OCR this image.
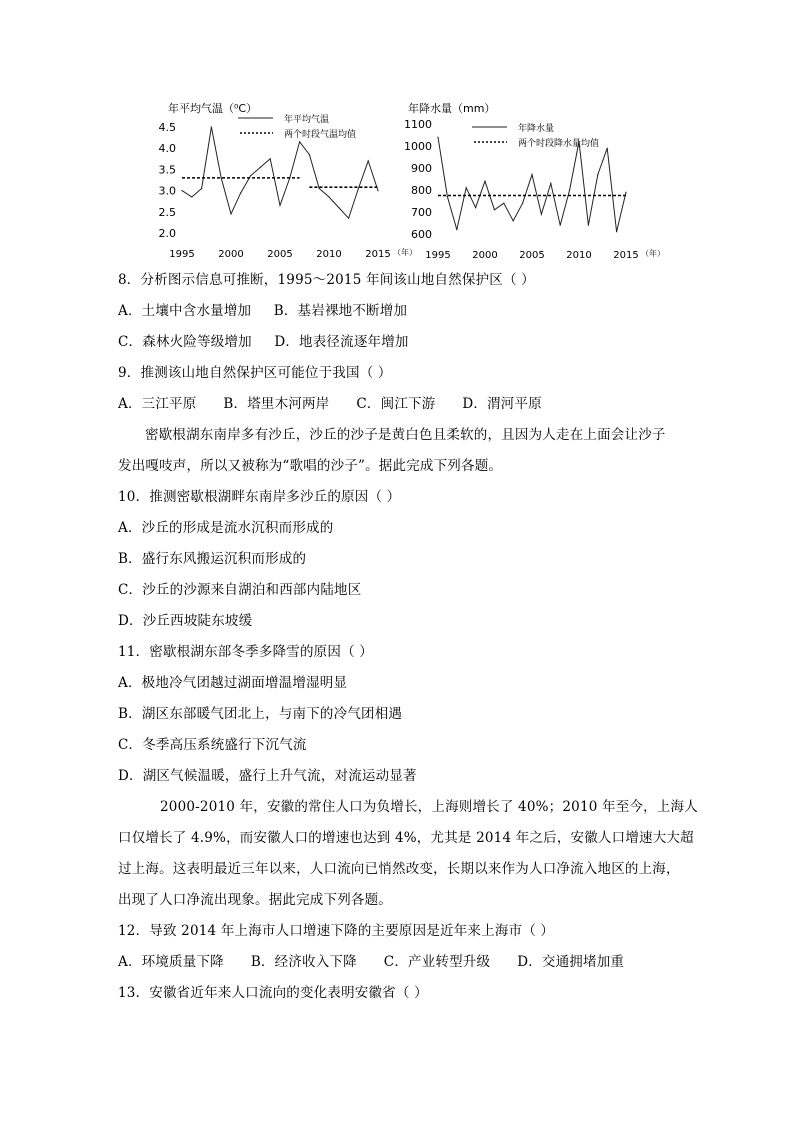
年平均气温（⁰C）
4.5
4.0
3.5
3.0
2.5
2.0
1995 2000 2005 2010 2015 （年）
年平均气温
两个时段气温均值
年降水量（mm）
1100
1000
900
800
700
600
1995 2000 2005 2010 2015 （年）
年降水量
两个时段降水量均值
8．分析图示信息可推断，1995～2015 年间该山地自然保护区（ ）
A．土壤中含水量增加 B．基岩裸地不断增加
C．森林火险等级增加 D．地表径流逐年增加
9．推测该山地自然保护区可能位于我国（ ）
A．三江平原 B．塔里木河两岸 C．闽江下游 D．渭河平原
密歇根湖东南岸多有沙丘，沙丘的沙子是黄白色且柔软的，且因为人走在上面会让沙子
发出嘎吱声，所以又被称为“歌唱的沙子”。据此完成下列各题。
10．推测密歇根湖畔东南岸多沙丘的原因（ ）
A．沙丘的形成是流水沉积而形成的
B．盛行东风搬运沉积而形成的
C．沙丘的沙源来自湖泊和西部内陆地区
D．沙丘西坡陡东坡缓
11．密歇根湖东部冬季多降雪的原因（ ）
A．极地冷气团越过湖面增温增湿明显
B．湖区东部暖气团北上，与南下的冷气团相遇
C．冬季高压系统盛行下沉气流
D．湖区气候温暖，盛行上升气流，对流运动显著
2000-2010 年，安徽的常住人口为负增长，上海则增长了 40%；2010 年至今，上海人
口仅增长了 4.9%，而安徽人口的增速也达到 4%，尤其是 2014 年之后，安徽人口增速大大超
过上海。这表明最近三年以来，人口流向已悄然改变，长期以来作为人口净流入地区的上海，
出现了人口净流出现象。据此完成下列各题。
12．导致 2014 年上海市人口增速下降的主要原因是近年来上海市（ ）
A．环境质量下降 B．经济收入下降 C．产业转型升级 D．交通拥堵加重
13．安徽省近年来人口流向的变化表明安徽省（ ）
